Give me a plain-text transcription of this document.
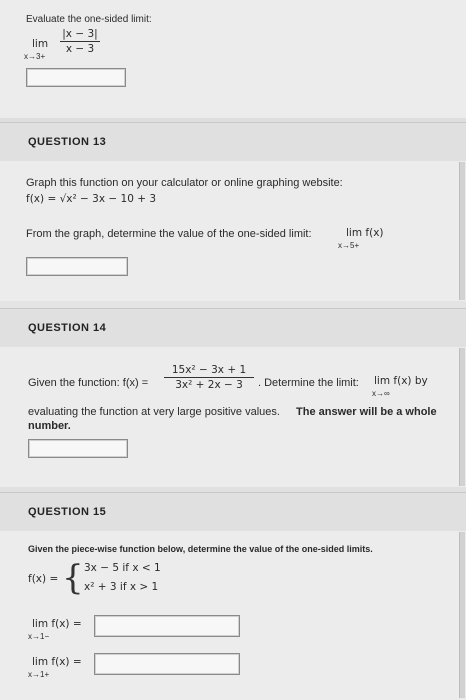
Evaluate the one-sided limit:
lim
x→3+
|x − 3|
x − 3
QUESTION 13
Graph this function on your calculator or online graphing website:
f(x) = √x² − 3x − 10 + 3
From the graph, determine the value of the one-sided limit:	lim f(x)
x→5+
QUESTION 14
Given the function: f(x) =
15x² − 3x + 1
3x² + 2x − 3	. Determine the limit: lim f(x) by
x→∞
evaluating the function at very large positive values. The answer will be a whole
number.
QUESTION 15
Given the piece-wise function below, determine the value of the one-sided limits.
f(x) = { 3x − 5 if x < 1
x² + 3 if x > 1
lim f(x) =
x→1−
lim f(x) =
x→1+
